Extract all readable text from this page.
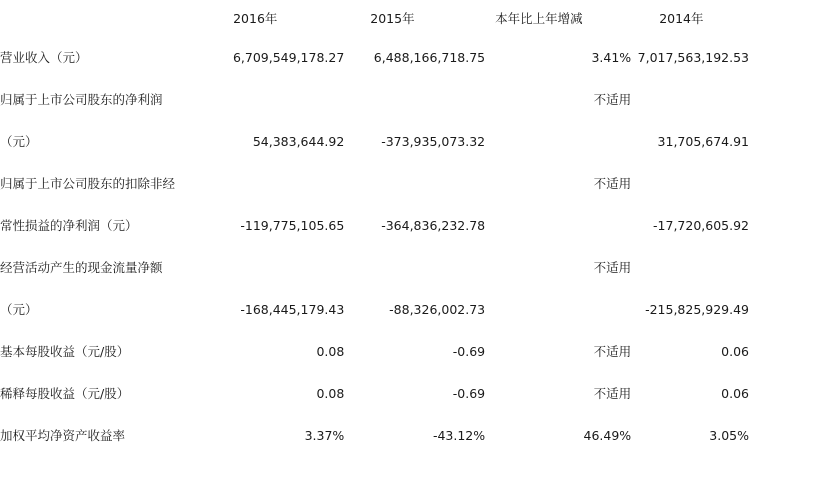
	2016年	2015年	本年比上年增减	2014年
营业收入（元）	6,709,549,178.27	6,488,166,718.75	3.41%	7,017,563,192.53
归属于上市公司股东的净利润			不适用	
（元）	54,383,644.92	-373,935,073.32		31,705,674.91
归属于上市公司股东的扣除非经			不适用	
常性损益的净利润（元）	-119,775,105.65	-364,836,232.78		-17,720,605.92
经营活动产生的现金流量净额			不适用	
（元）	-168,445,179.43	-88,326,002.73		-215,825,929.49
基本每股收益（元/股）	0.08	-0.69	不适用	0.06
稀释每股收益（元/股）	0.08	-0.69	不适用	0.06
加权平均净资产收益率	3.37%	-43.12%	46.49%	3.05%
